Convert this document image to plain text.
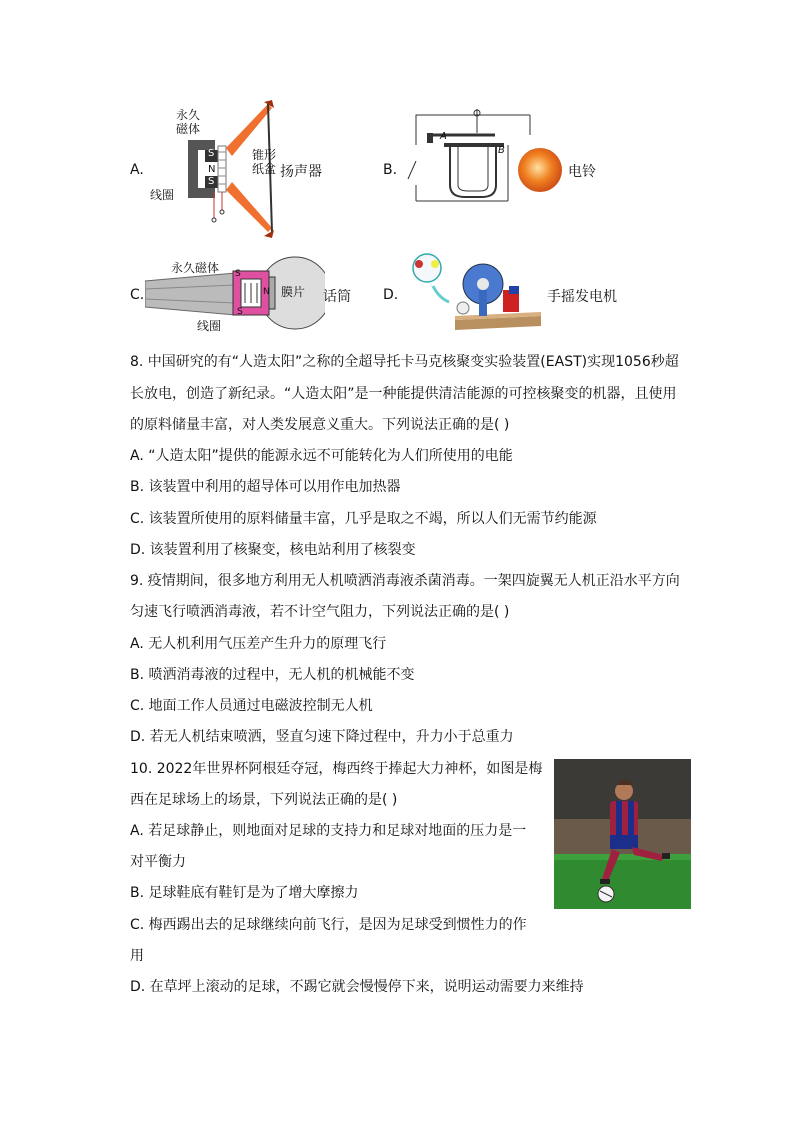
A.
永久
磁体
锥形
纸盆
线圈
S
N
S
扬声器	B.
A
B
电铃
C.
永久磁体
膜片
线圈
S
N
S
话筒 D.	手摇发电机
8. 中国研究的有“人造太阳”之称的全超导托卡马克核聚变实验装置(EAST)实现1056秒超
长放电，创造了新纪录。“人造太阳”是一种能提供清洁能源的可控核聚变的机器，且使用
的原料储量丰富，对人类发展意义重大。下列说法正确的是( )
A. “人造太阳”提供的能源永远不可能转化为人们所使用的电能
B. 该装置中利用的超导体可以用作电加热器
C. 该装置所使用的原料储量丰富，几乎是取之不竭，所以人们无需节约能源
D. 该装置利用了核聚变，核电站利用了核裂变
9. 疫情期间，很多地方利用无人机喷洒消毒液杀菌消毒。一架四旋翼无人机正沿水平方向
匀速飞行喷洒消毒液，若不计空气阻力，下列说法正确的是( )
A. 无人机利用气压差产生升力的原理飞行
B. 喷洒消毒液的过程中，无人机的机械能不变
C. 地面工作人员通过电磁波控制无人机
D. 若无人机结束喷洒，竖直匀速下降过程中，升力小于总重力
10. 2022年世界杯阿根廷夺冠，梅西终于捧起大力神杯，如图是梅
西在足球场上的场景，下列说法正确的是( )
A. 若足球静止，则地面对足球的支持力和足球对地面的压力是一
对平衡力
B. 足球鞋底有鞋钉是为了增大摩擦力
C. 梅西踢出去的足球继续向前飞行，是因为足球受到惯性力的作
用
D. 在草坪上滚动的足球，不踢它就会慢慢停下来，说明运动需要力来维持
